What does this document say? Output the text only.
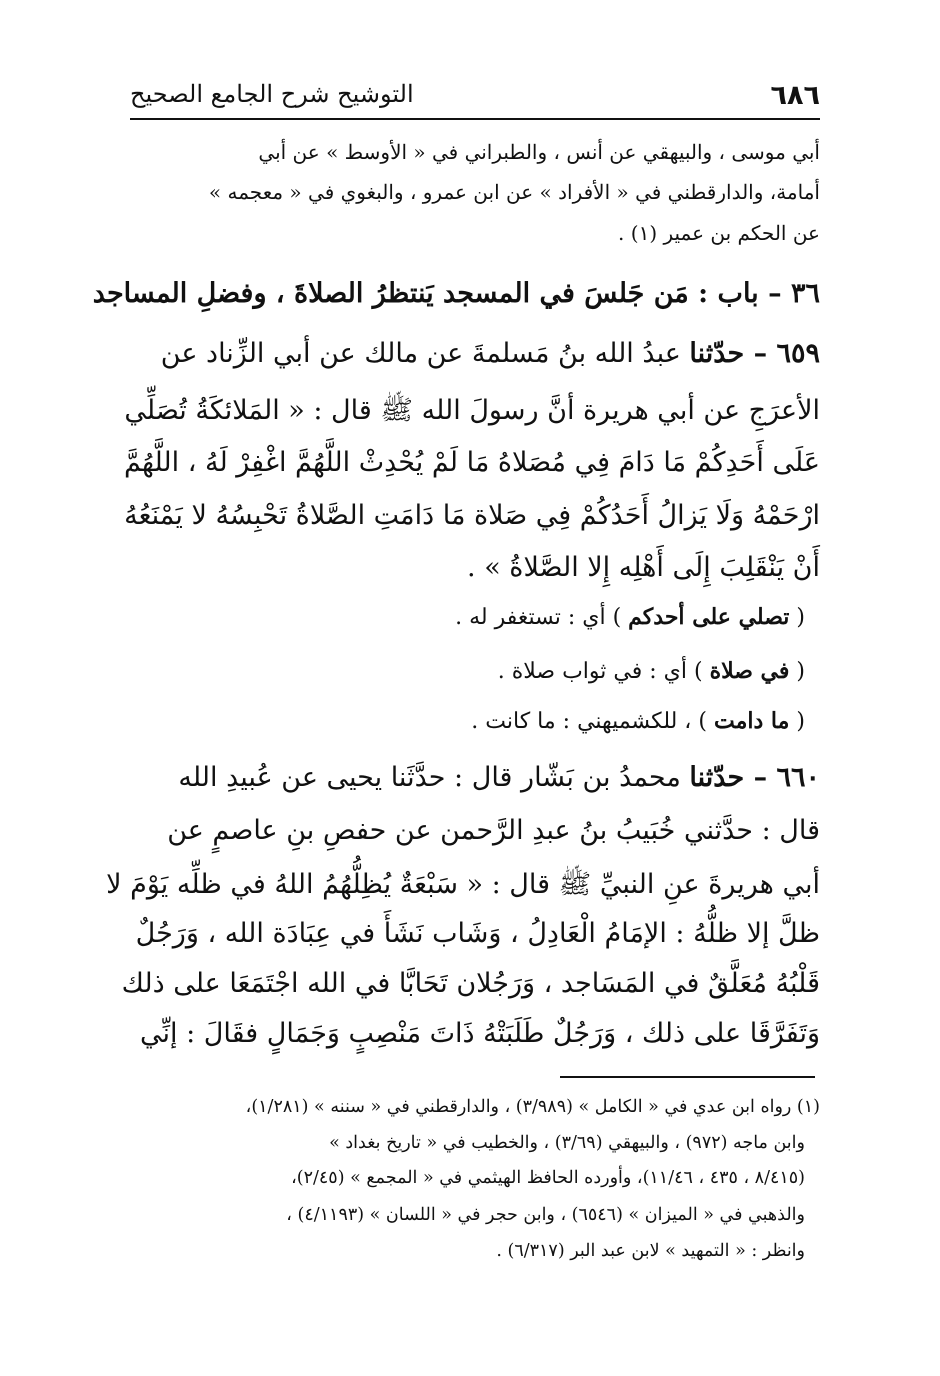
٦٨٦
التوشيح شرح الجامع الصحيح
أبي موسى ، والبيهقي عن أنس ، والطبراني في « الأوسط » عن أبي
أمامة، والدارقطني في « الأفراد » عن ابن عمرو ، والبغوي في « معجمه »
عن الحكم بن عمير (١) .
٣٦ – باب : مَن جَلسَ في المسجد يَنتظرُ الصلاةَ ، وفضلِ المساجد
٦٥٩ – حدّثنا عبدُ الله بنُ مَسلمةَ عن مالك عن أبي الزِّناد عن
الأعرَجِ عن أبي هريرة أنَّ رسولَ الله ﷺ قال : « المَلائكَةُ تُصَلِّي
عَلَى أَحَدِكُمْ مَا دَامَ فِي مُصَلاهُ مَا لَمْ يُحْدِثْ اللَّهُمَّ اغْفِرْ لَهُ ، اللَّهُمَّ
ارْحَمْهُ وَلَا يَزالُ أَحَدُكُمْ فِي صَلاة مَا دَامَتِ الصَّلاةُ تَحْبِسُهُ لا يَمْنَعُهُ
أَنْ يَنْقَلِبَ إِلَى أَهْلِه إِلا الصَّلاةُ » .
( تصلي على أحدكم ) أي : تستغفر له .
( في صلاة ) أي : في ثواب صلاة .
( ما دامت ) ، للكشميهني : ما كانت .
٦٦٠ – حدّثنا محمدُ بن بَشّار قال : حدَّثَنا يحيى عن عُبيدِ الله
قال : حدَّثني خُبَيبُ بنُ عبدِ الرَّحمن عن حفصِ بنِ عاصمٍ عن
أبي هريرةَ عنِ النبيِّ ﷺ قال : « سَبْعَةٌ يُظِلُّهُمُ اللهُ في ظلِّه يَوْمَ لا
ظلَّ إلا ظلُّهُ : الإمَامُ الْعَادِلُ ، وَشَاب نَشَأَ في عِبَادَة الله ، وَرَجُلٌ
قَلْبُهُ مُعَلَّقٌ في المَسَاجد ، وَرَجُلان تَحَابَّا في الله اجْتَمَعَا على ذلك
وَتَفَرَّقَا على ذلك ، وَرَجُلٌ طَلَبَتْهُ ذَاتَ مَنْصِبٍ وَجَمَالٍ فقَالَ : إنِّي
(١) رواه ابن عدي في « الكامل » (٣/٩٨٩) ، والدارقطني في « سننه » (١/٢٨١)،
وابن ماجه (٩٧٢) ، والبيهقي (٣/٦٩) ، والخطيب في « تاريخ بغداد »
(٨/٤١٥ ، ٤٣٥ ، ١١/٤٦)، وأورده الحافظ الهيثمي في « المجمع » (٢/٤٥)،
والذهبي في « الميزان » (٦٥٤٦) ، وابن حجر في « اللسان » (٤/١١٩٣) ،
وانظر : « التمهيد » لابن عبد البر (٦/٣١٧) .
